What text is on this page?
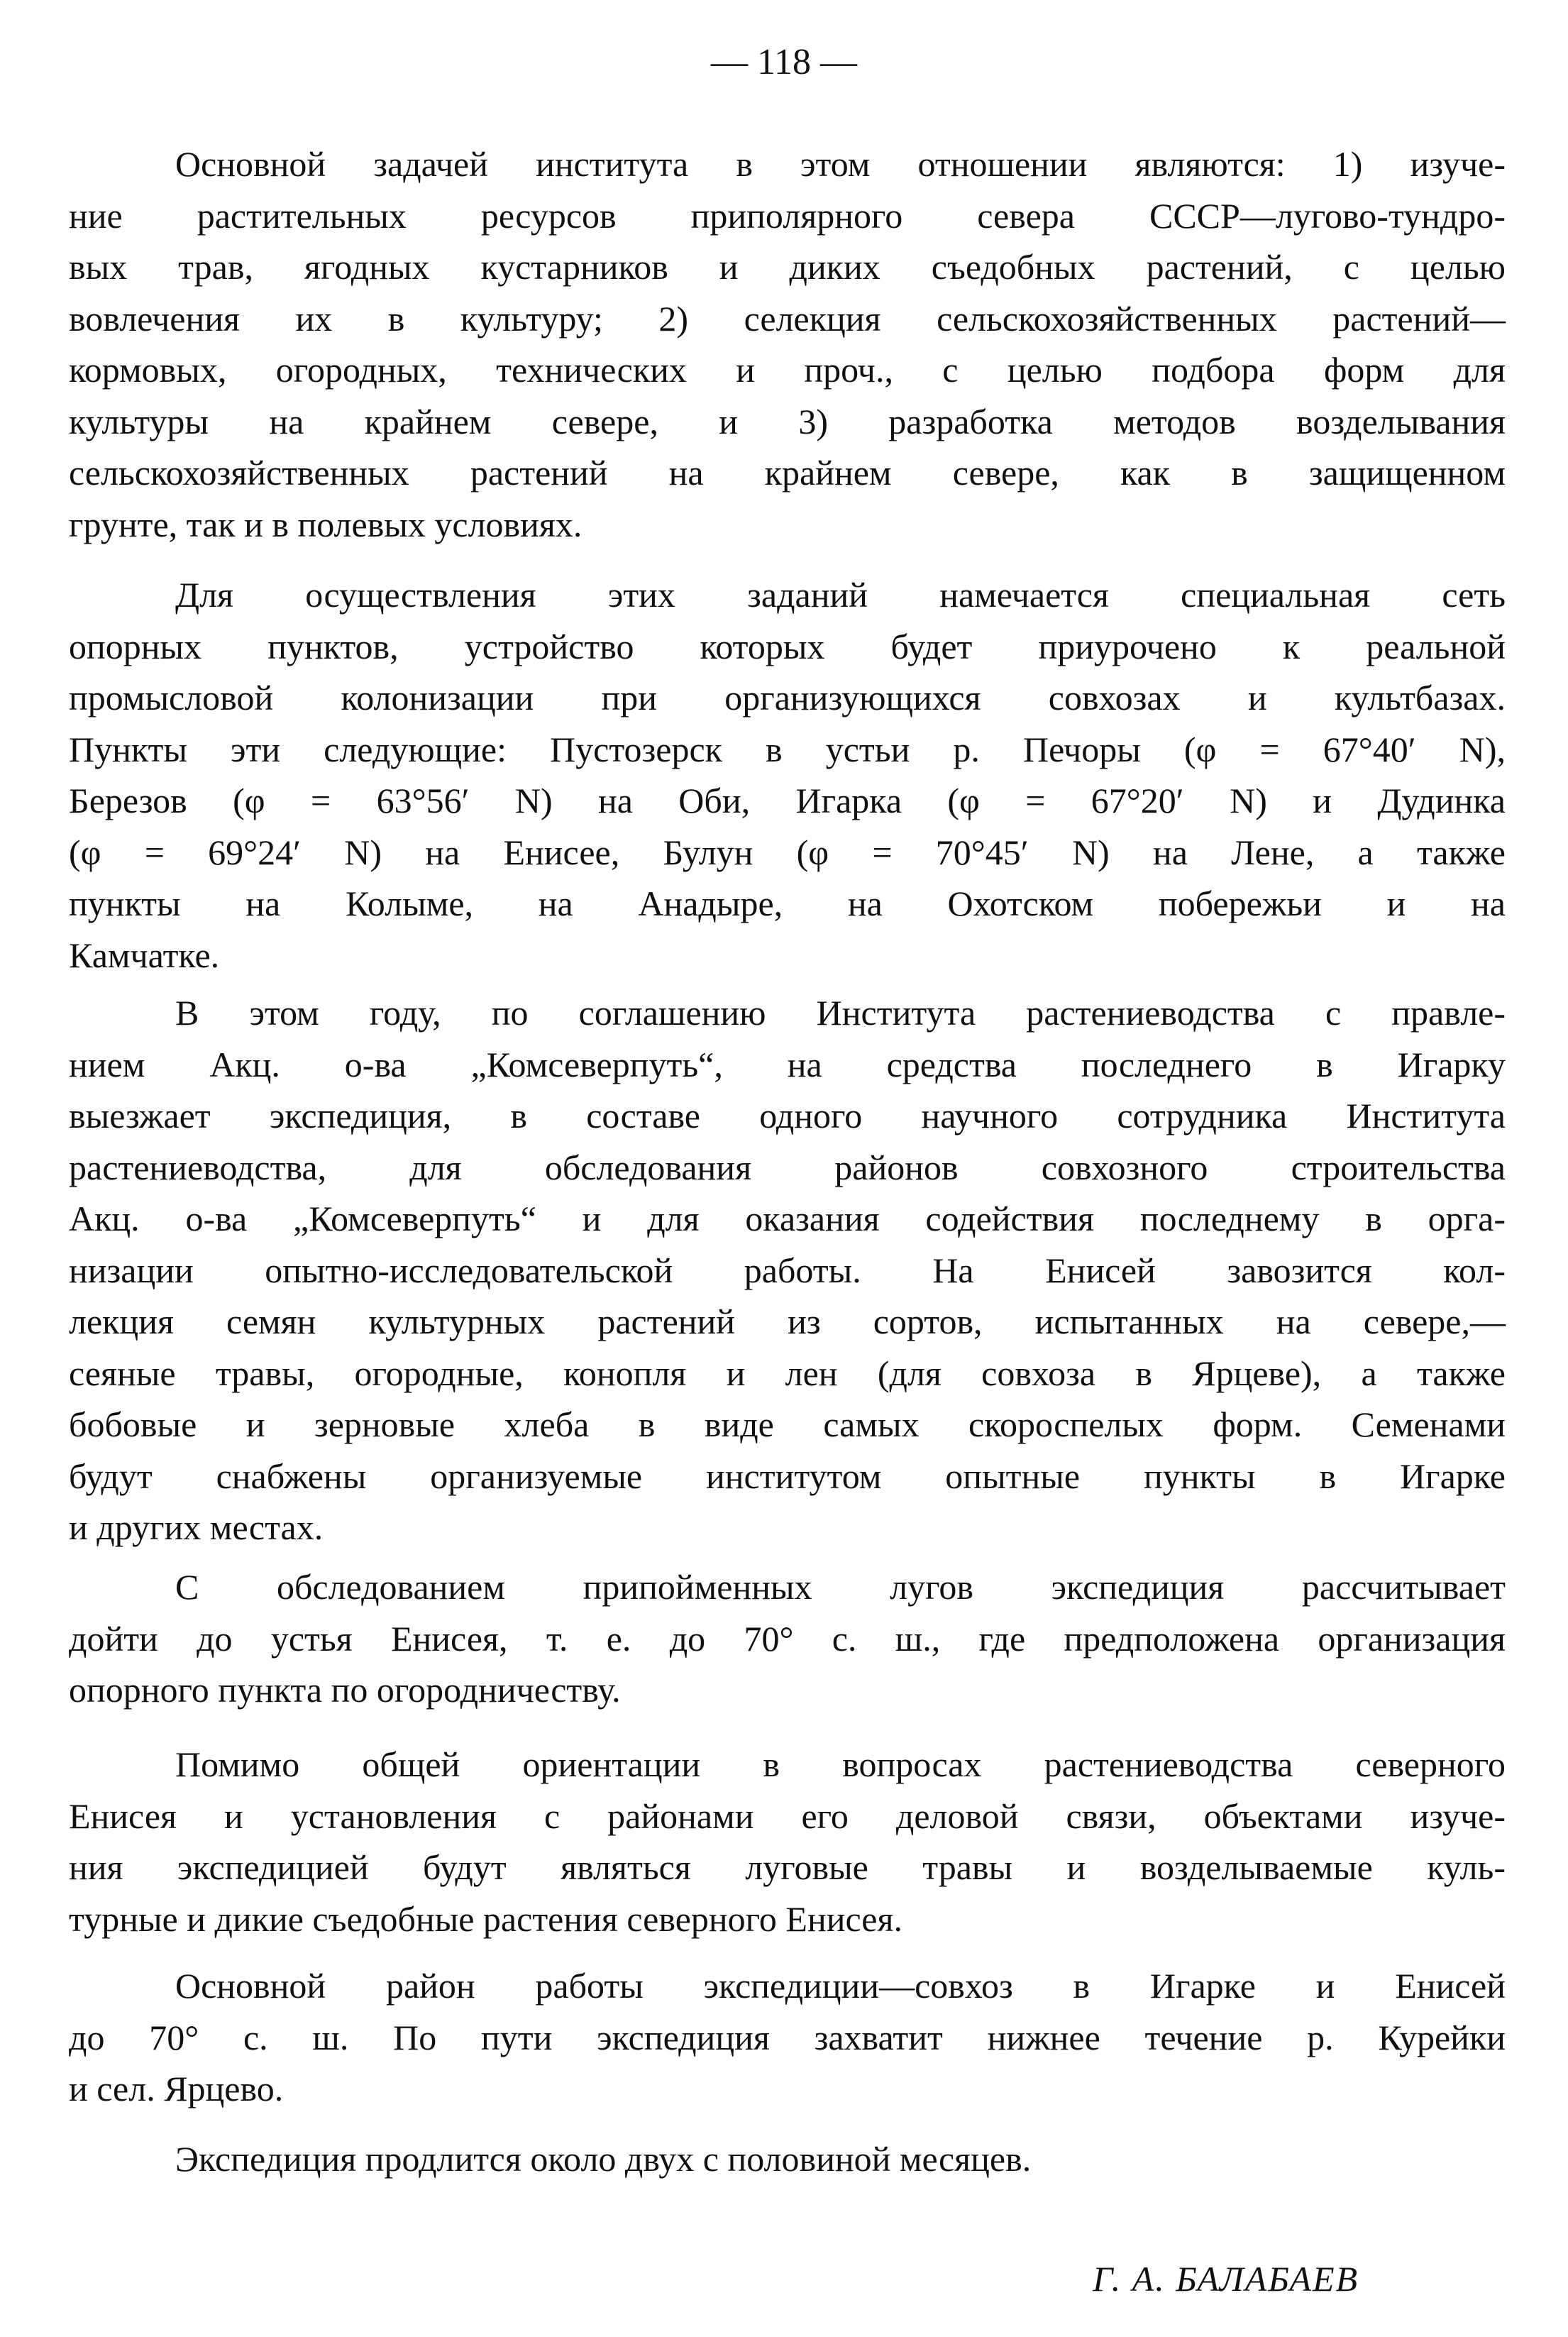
— 118 —
Основной задачей института в этом отношении являются: 1) изуче-
ние растительных ресурсов приполярного севера СССР—лугово-тундро-
вых трав, ягодных кустарников и диких съедобных растений, с целью
вовлечения их в культуру; 2) селекция сельскохозяйственных растений—
кормовых, огородных, технических и проч., с целью подбора форм для
культуры на крайнем севере, и 3) разработка методов возделывания
сельскохозяйственных растений на крайнем севере, как в защищенном
грунте, так и в полевых условиях.
Для осуществления этих заданий намечается специальная сеть
опорных пунктов, устройство которых будет приурочено к реальной
промысловой колонизации при организующихся совхозах и культбазах.
Пункты эти следующие: Пустозерск в устьи р. Печоры (φ = 67°40′ N),
Березов (φ = 63°56′ N) на Оби, Игарка (φ = 67°20′ N) и Дудинка
(φ = 69°24′ N) на Енисее, Булун (φ = 70°45′ N) на Лене, а также
пункты на Колыме, на Анадыре, на Охотском побережьи и на
Камчатке.
В этом году, по соглашению Института растениеводства с правле-
нием Акц. о-ва „Комсеверпуть“, на средства последнего в Игарку
выезжает экспедиция, в составе одного научного сотрудника Института
растениеводства, для обследования районов совхозного строительства
Акц. о-ва „Комсеверпуть“ и для оказания содействия последнему в орга-
низации опытно-исследовательской работы. На Енисей завозится кол-
лекция семян культурных растений из сортов, испытанных на севере,—
сеяные травы, огородные, конопля и лен (для совхоза в Ярцеве), а также
бобовые и зерновые хлеба в виде самых скороспелых форм. Семенами
будут снабжены организуемые институтом опытные пункты в Игарке
и других местах.
С обследованием припойменных лугов экспедиция рассчитывает
дойти до устья Енисея, т. е. до 70° с. ш., где предположена организация
опорного пункта по огородничеству.
Помимо общей ориентации в вопросах растениеводства северного
Енисея и установления с районами его деловой связи, объектами изуче-
ния экспедицией будут являться луговые травы и возделываемые куль-
турные и дикие съедобные растения северного Енисея.
Основной район работы экспедиции—совхоз в Игарке и Енисей
до 70° с. ш. По пути экспедиция захватит нижнее течение р. Курейки
и сел. Ярцево.
Экспедиция продлится около двух с половиной месяцев.
Г. А. БАЛАБАЕВ
